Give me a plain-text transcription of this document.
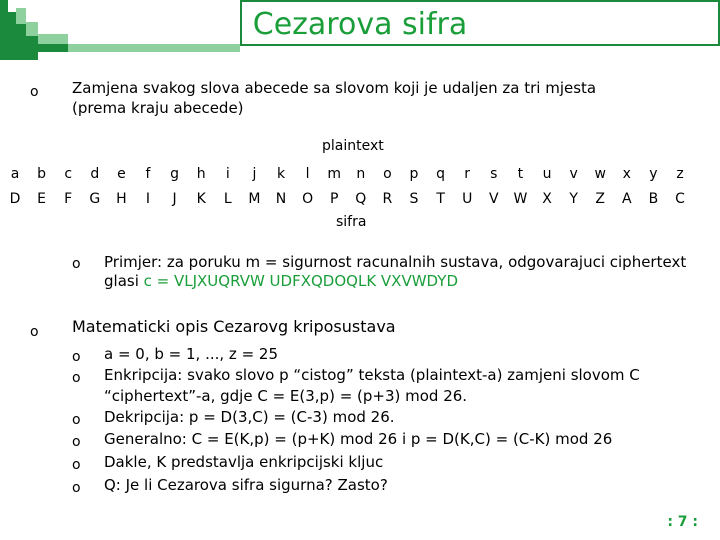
Cezarova sifra
o Zamjena svakog slova abecede sa slovom koji je udaljen za tri mjesta
(prema kraju abecede)
plaintext
a	b	c	d	e	f	g	h	i	j	k	l	m	n	o	p	q	r	s	t	u	v	w	x	y	z
D	E	F	G	H	I	J	K	L	M	N	O	P	Q	R	S	T	U	V	W	X	Y	Z	A	B	C
sifra
o Primjer: za poruku m = sigurnost racunalnih sustava, odgovarajuci ciphertext
glasi c = VLJXUQRVW UDFXQDOQLK VXVWDYD
o Matematicki opis Cezarovg kriposustava
o a = 0, b = 1, ..., z = 25
o Enkripcija: svako slovo p “cistog” teksta (plaintext-a) zamjeni slovom C
“ciphertext”-a, gdje C = E(3,p) = (p+3) mod 26.
o Dekripcija: p = D(3,C) = (C-3) mod 26.
o Generalno: C = E(K,p) = (p+K) mod 26 i p = D(K,C) = (C-K) mod 26
o Dakle, K predstavlja enkripcijski kljuc
o Q: Je li Cezarova sifra sigurna? Zasto?
: 7 :
